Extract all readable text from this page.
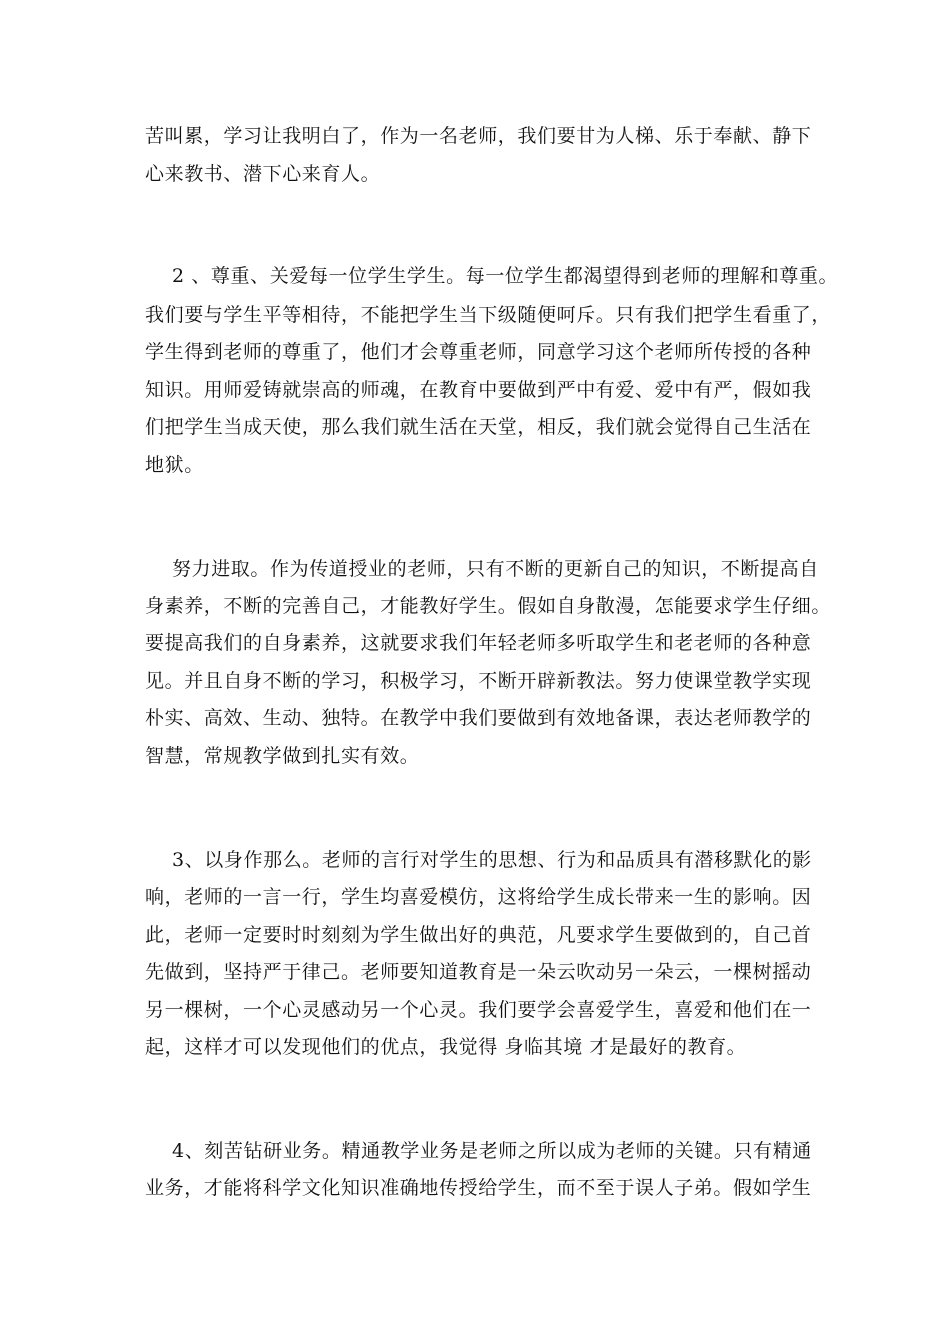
苦叫累，学习让我明白了，作为一名老师，我们要甘为人梯、乐于奉献、静下

心来教书、潜下心来育人。

2 、尊重、关爱每一位学生学生。每一位学生都渴望得到老师的理解和尊重。

我们要与学生平等相待，不能把学生当下级随便呵斥。只有我们把学生看重了，

学生得到老师的尊重了，他们才会尊重老师，同意学习这个老师所传授的各种

知识。用师爱铸就崇高的师魂，在教育中要做到严中有爱、爱中有严，假如我

们把学生当成天使，那么我们就生活在天堂，相反，我们就会觉得自己生活在

地狱。

努力进取。作为传道授业的老师，只有不断的更新自己的知识，不断提高自

身素养，不断的完善自己，才能教好学生。假如自身散漫，怎能要求学生仔细。

要提高我们的自身素养，这就要求我们年轻老师多听取学生和老老师的各种意

见。并且自身不断的学习，积极学习，不断开辟新教法。努力使课堂教学实现

朴实、高效、生动、独特。在教学中我们要做到有效地备课，表达老师教学的

智慧，常规教学做到扎实有效。

3、以身作那么。老师的言行对学生的思想、行为和品质具有潜移默化的影

响，老师的一言一行，学生均喜爱模仿，这将给学生成长带来一生的影响。因

此，老师一定要时时刻刻为学生做出好的典范，凡要求学生要做到的，自己首

先做到，坚持严于律己。老师要知道教育是一朵云吹动另一朵云，一棵树摇动

另一棵树，一个心灵感动另一个心灵。我们要学会喜爱学生，喜爱和他们在一

起，这样才可以发现他们的优点，我觉得 身临其境 才是最好的教育。

4、刻苦钻研业务。精通教学业务是老师之所以成为老师的关键。只有精通

业务，才能将科学文化知识准确地传授给学生，而不至于误人子弟。假如学生
